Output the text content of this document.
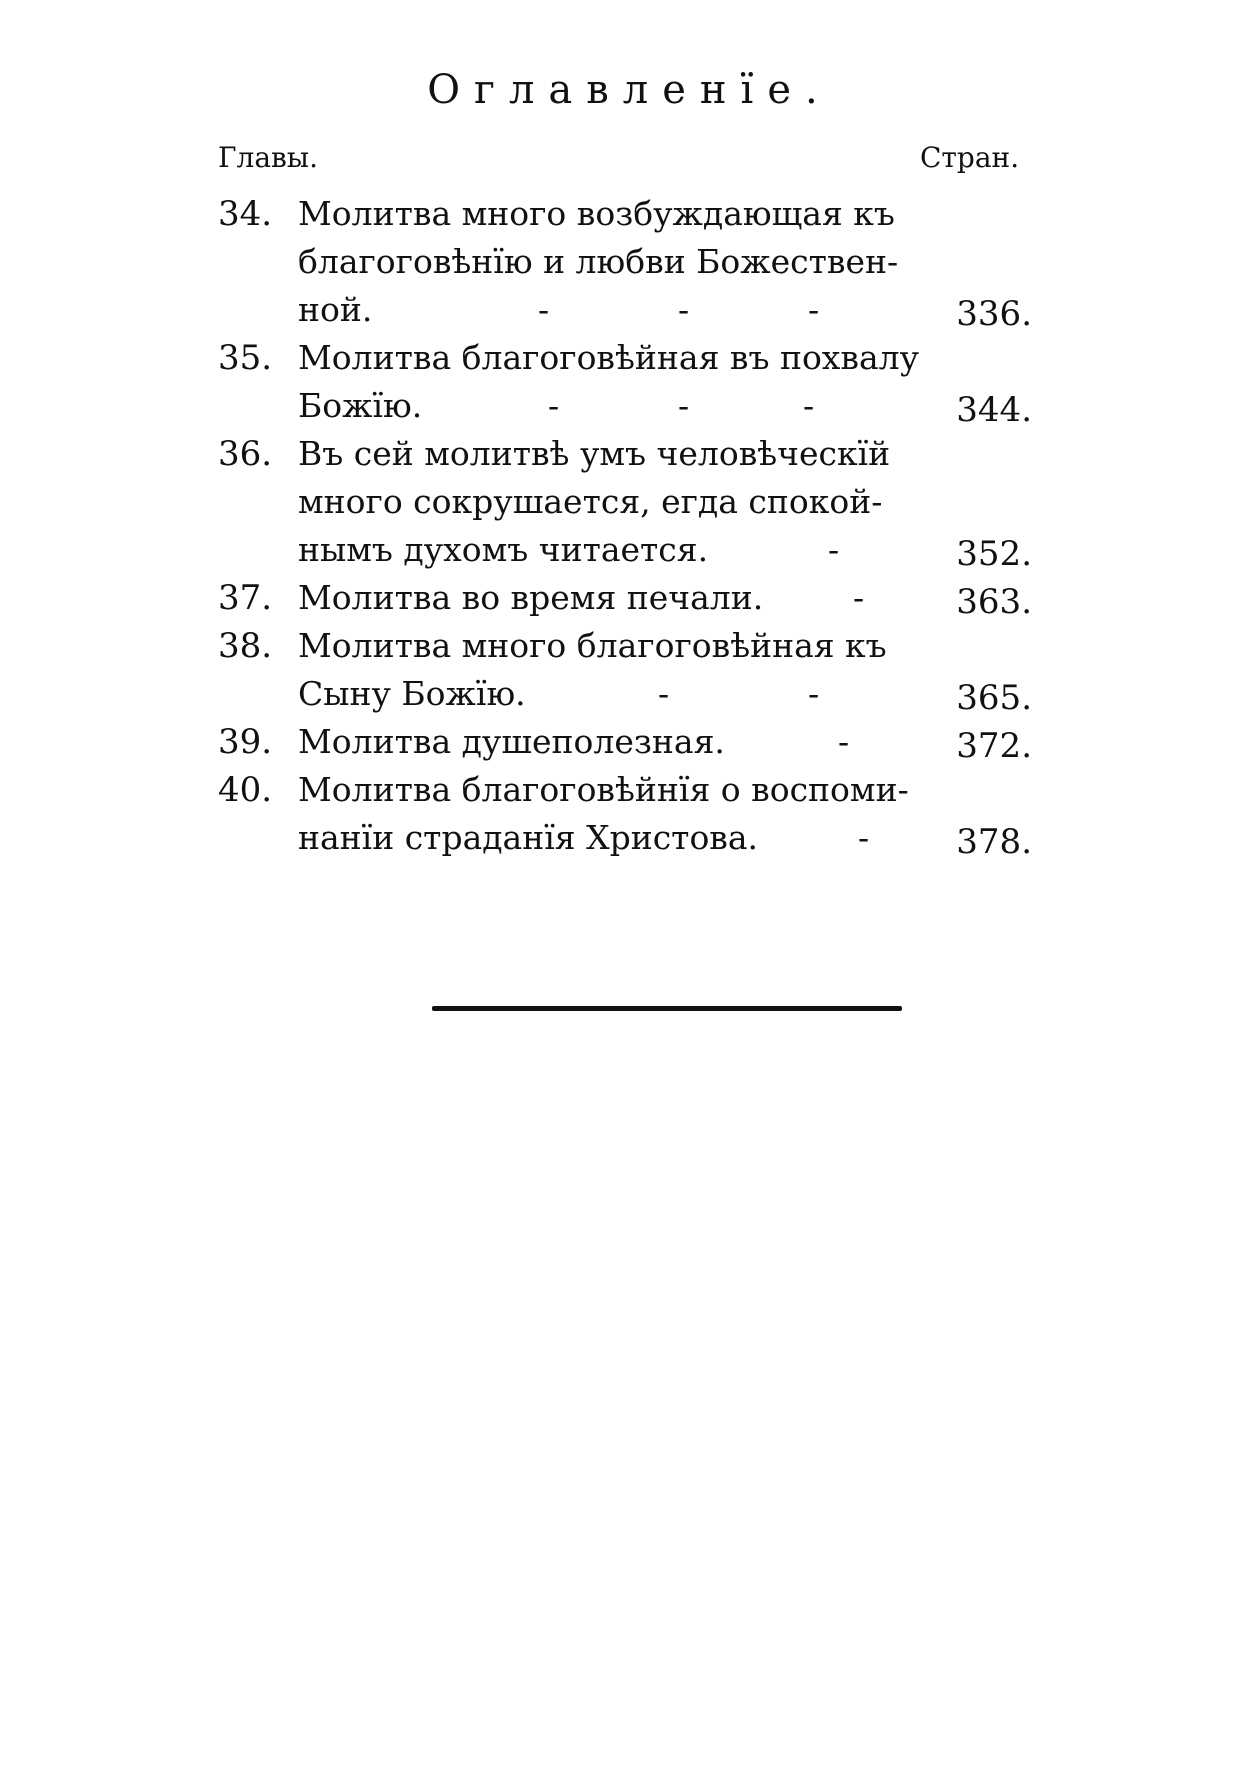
Оглавленïе.
Главы.	Стран.
34. Молитва много возбуждающая къ
благоговѣнïю и любви Божествен-
ной.	-	-	-	336.
35. Молитва благоговѣйная въ похвалу
Божïю.	-	-	-	344.
36. Въ сей молитвѣ умъ человѣческïй
много сокрушается, егда спокой-
нымъ духомъ читается.	-	352.
37. Молитва во время печали.	-	363.
38. Молитва много благоговѣйная къ
Сыну Божïю.	-	-	365.
39. Молитва душеполезная.	-	372.
40. Молитва благоговѣйнïя о воспоми-
нанïи страданïя Христова.	-	378.
